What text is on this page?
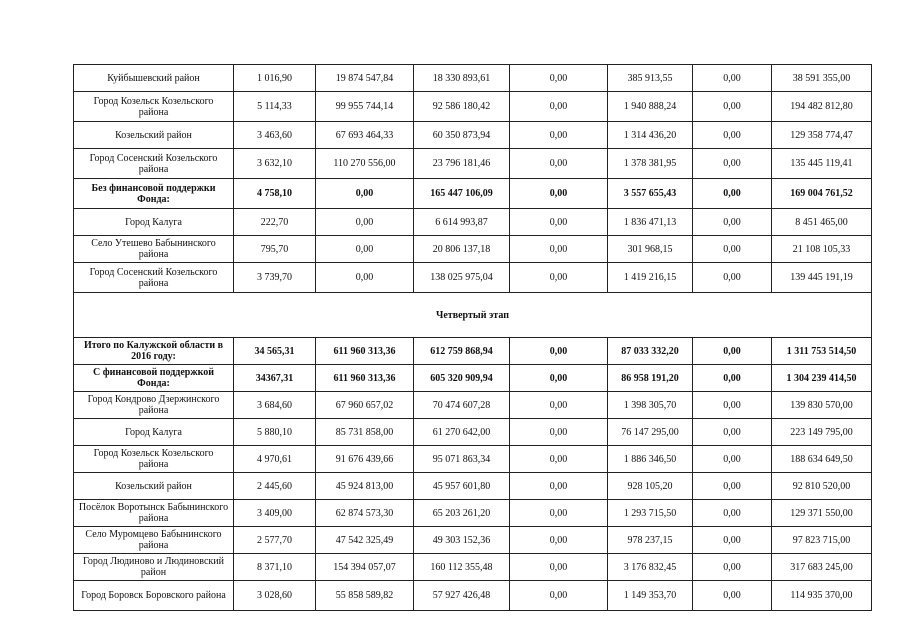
Куйбышевский район	1 016,90	19 874 547,84	18 330 893,61	0,00	385 913,55	0,00	38 591 355,00
Город Козельск Козельского района	5 114,33	99 955 744,14	92 586 180,42	0,00	1 940 888,24	0,00	194 482 812,80
Козельский район	3 463,60	67 693 464,33	60 350 873,94	0,00	1 314 436,20	0,00	129 358 774,47
Город Сосенский Козельского района	3 632,10	110 270 556,00	23 796 181,46	0,00	1 378 381,95	0,00	135 445 119,41
Без финансовой поддержки Фонда:	4 758,10	0,00	165 447 106,09	0,00	3 557 655,43	0,00	169 004 761,52
Город Калуга	222,70	0,00	6 614 993,87	0,00	1 836 471,13	0,00	8 451 465,00
Село Утешево Бабынинского района	795,70	0,00	20 806 137,18	0,00	301 968,15	0,00	21 108 105,33
Город Сосенский Козельского района	3 739,70	0,00	138 025 975,04	0,00	1 419 216,15	0,00	139 445 191,19
Четвертый этап							
Итого по Калужской области в 2016 году:	34 565,31	611 960 313,36	612 759 868,94	0,00	87 033 332,20	0,00	1 311 753 514,50
С финансовой поддержкой Фонда:	34367,31	611 960 313,36	605 320 909,94	0,00	86 958 191,20	0,00	1 304 239 414,50
Город Кондрово Дзержинского района	3 684,60	67 960 657,02	70 474 607,28	0,00	1 398 305,70	0,00	139 830 570,00
Город Калуга	5 880,10	85 731 858,00	61 270 642,00	0,00	76 147 295,00	0,00	223 149 795,00
Город Козельск Козельского района	4 970,61	91 676 439,66	95 071 863,34	0,00	1 886 346,50	0,00	188 634 649,50
Козельский район	2 445,60	45 924 813,00	45 957 601,80	0,00	928 105,20	0,00	92 810 520,00
Посёлок Воротынск Бабынинского района	3 409,00	62 874 573,30	65 203 261,20	0,00	1 293 715,50	0,00	129 371 550,00
Село Муромцево Бабынинского района	2 577,70	47 542 325,49	49 303 152,36	0,00	978 237,15	0,00	97 823 715,00
Город Людиново и Людиновский район	8 371,10	154 394 057,07	160 112 355,48	0,00	3 176 832,45	0,00	317 683 245,00
Город Боровск Боровского района	3 028,60	55 858 589,82	57 927 426,48	0,00	1 149 353,70	0,00	114 935 370,00
